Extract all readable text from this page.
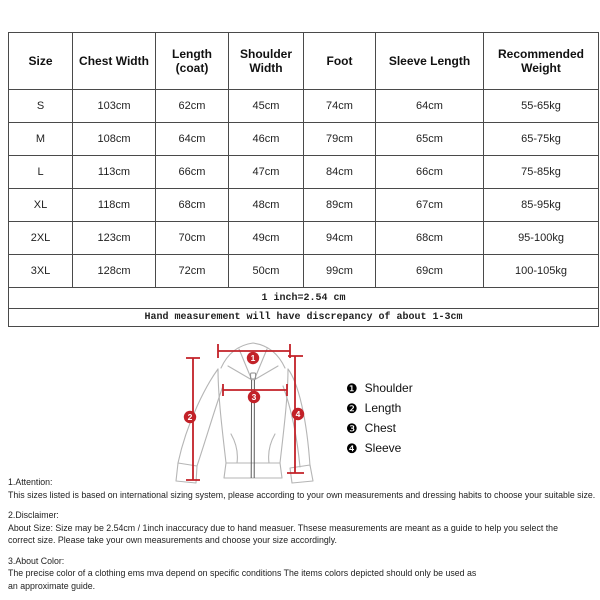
Size	Chest Width	Length (coat)	Shoulder Width	Foot	Sleeve Length	Recommended Weight
S	103cm	62cm	45cm	74cm	64cm	55-65kg
M	108cm	64cm	46cm	79cm	65cm	65-75kg
L	113cm	66cm	47cm	84cm	66cm	75-85kg
XL	118cm	68cm	48cm	89cm	67cm	85-95kg
2XL	123cm	70cm	49cm	94cm	68cm	95-100kg
3XL	128cm	72cm	50cm	99cm	69cm	100-105kg
1 inch=2.54 cm						
Hand measurement will have discrepancy of about 1-3cm						
1
2
3
4
❶ Shoulder
❷ Length
❸ Chest
❹ Sleeve

1.Attention:

This sizes listed is based on international sizing system, please according to your own measurements and dressing habits to choose your suitable size.

2.Disclaimer:

About Size: Size may be 2.54cm / 1inch inaccuracy due to hand measuer. Thsese measurements are meant as a guide to help you select the correct size. Please take your own measurements and choose your size accordingly.

3.About Color:

The precise color of a clothing ems mva depend on specific conditions The items colors depicted should only be used as an approximate guide.
